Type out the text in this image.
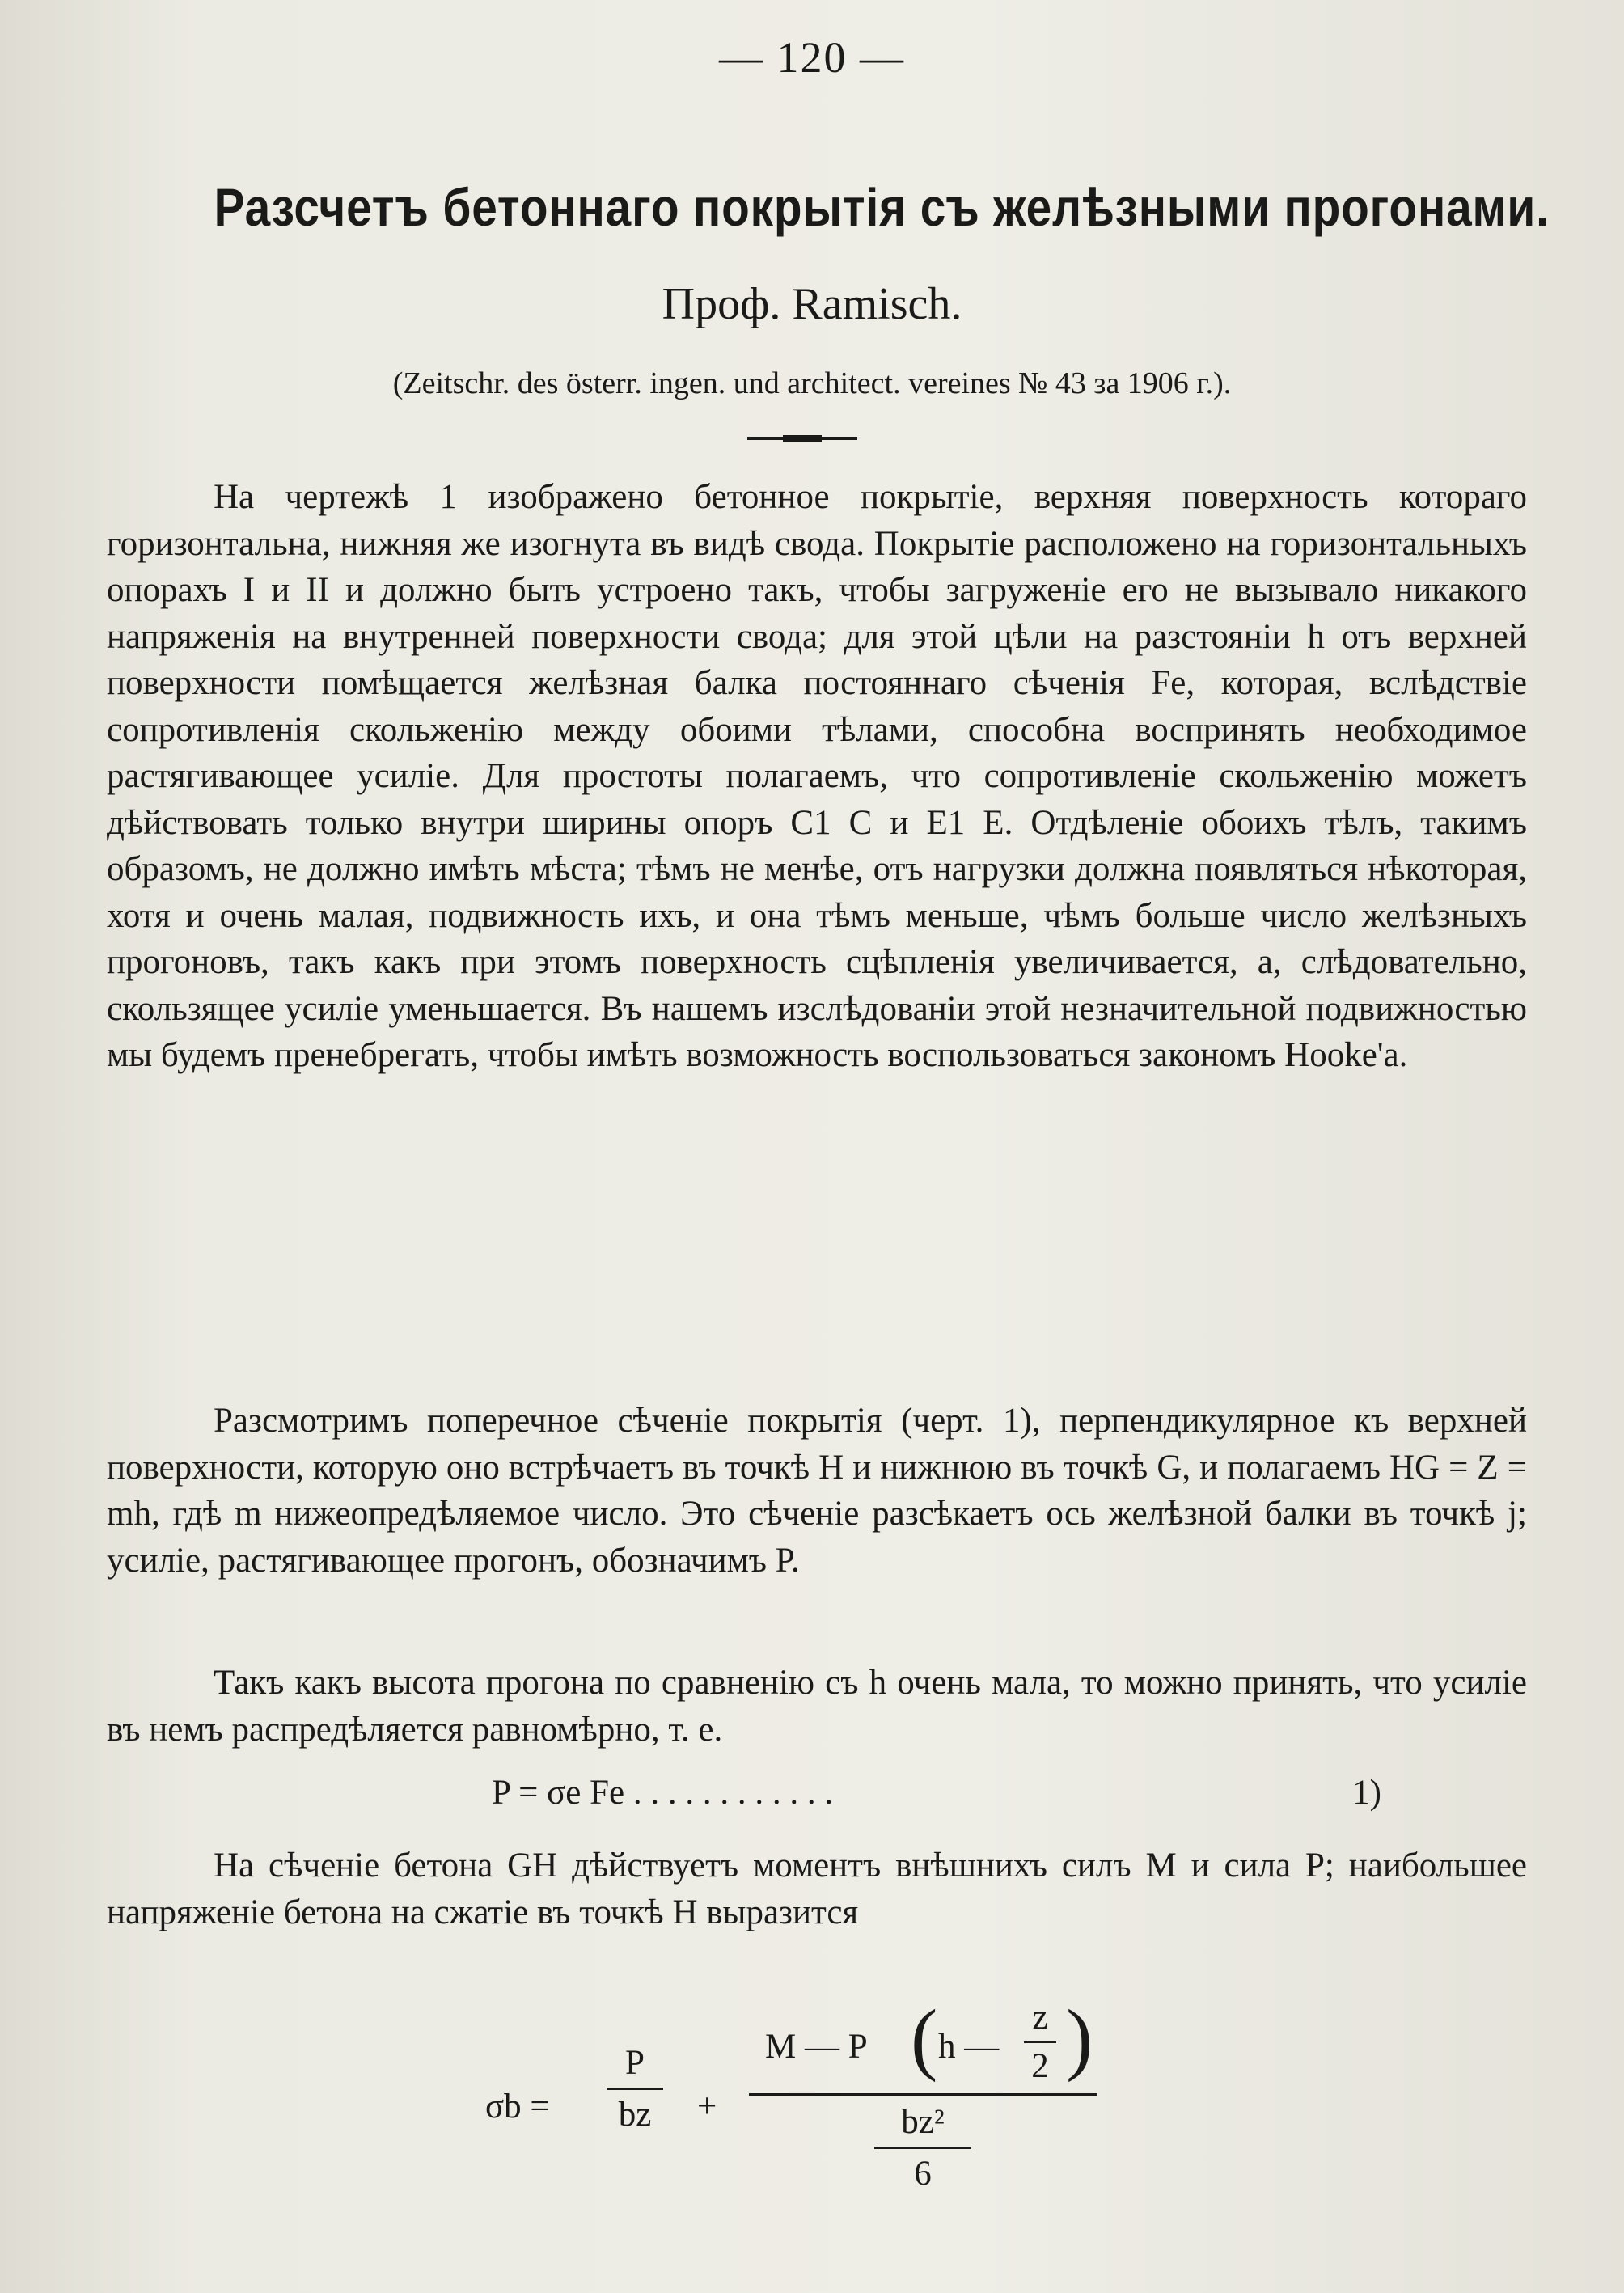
— 120 —
Разсчетъ бетоннаго покрытія съ желѣзными прогонами.
Проф. Ramisch.
(Zeitschr. des österr. ingen. und architect. vereines № 43 за 1906 г.).

На чертежѣ 1 изображено бетонное покрытіе, верхняя поверхность котораго горизонтальна, нижняя же изогнута въ видѣ свода. Покрытіе расположено на горизонтальныхъ опорахъ I и II и должно быть устроено такъ, чтобы загруженіе его не вызывало никакого напряженія на внутренней поверхности свода; для этой цѣли на разстояніи h отъ верхней поверхности помѣщается желѣзная балка постояннаго сѣченія Fe, которая, вслѣдствіе сопротивленія скольженію между обоими тѣлами, способна воспринять необходимое растягивающее усиліе. Для простоты полагаемъ, что сопротивленіе скольженію можетъ дѣйствовать только внутри ширины опоръ C1 C и E1 E. Отдѣленіе обоихъ тѣлъ, такимъ образомъ, не должно имѣть мѣста; тѣмъ не менѣе, отъ нагрузки должна появляться нѣкоторая, хотя и очень малая, подвижность ихъ, и она тѣмъ меньше, чѣмъ больше число желѣзныхъ прогоновъ, такъ какъ при этомъ поверхность сцѣпленія увеличивается, а, слѣдовательно, скользящее усиліе уменьшается. Въ нашемъ изслѣдованіи этой незначительной подвижностью мы будемъ пренебрегать, чтобы имѣть возможность воспользоваться закономъ Hooke'a.

Разсмотримъ поперечное сѣченіе покрытія (черт. 1), перпендикулярное къ верхней поверхности, которую оно встрѣчаетъ въ точкѣ H и нижнюю въ точкѣ G, и полагаемъ HG = Z = mh, гдѣ m нижеопредѣляемое число. Это сѣченіе разсѣкаетъ ось желѣзной балки въ точкѣ j; усиліе, растягивающее прогонъ, обозначимъ P.

Такъ какъ высота прогона по сравненію съ h очень мала, то можно принять, что усиліе въ немъ распредѣляется равномѣрно, т. е.

P = σe Fe . . . . . . . . . . . .	1)

На сѣченіе бетона GH дѣйствуетъ моментъ внѣшнихъ силъ M и сила P; наибольшее напряженіе бетона на сжатіе въ точкѣ H выразится

σb =
P
bz	+
M — P ( h —
z
2 )
bz²
6
